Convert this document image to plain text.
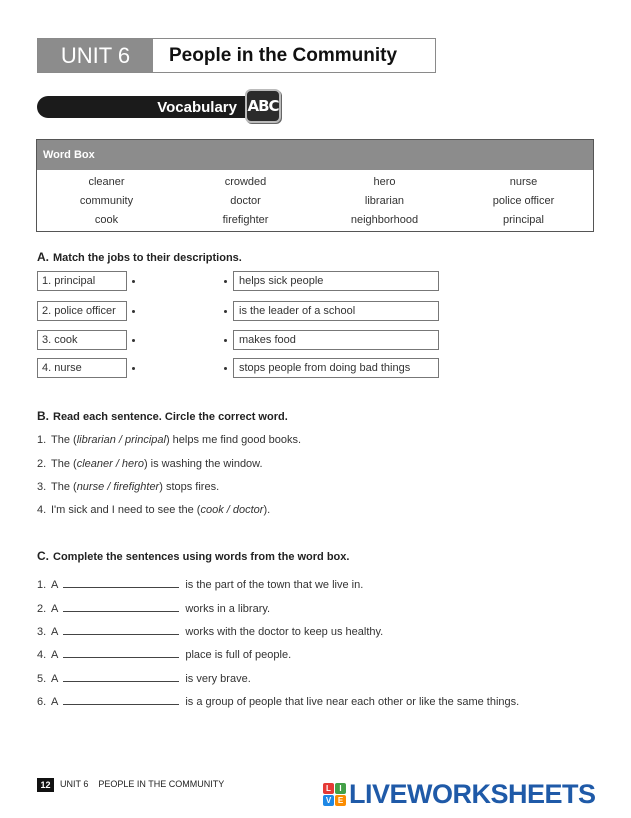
UNIT 6	People in the Community
Vocabulary ABC
Word Box
cleaner	crowded	hero	nurse
community	doctor	librarian	police officer
cook	firefighter	neighborhood	principal
A. Match the jobs to their descriptions.
1. principal
2. police officer
3. cook
4. nurse
helps sick people
is the leader of a school
makes food
stops people from doing bad things
B. Read each sentence. Circle the correct word.
1. The (librarian / principal) helps me find good books.
2. The (cleaner / hero) is washing the window.
3. The (nurse / firefighter) stops fires.
4. I'm sick and I need to see the (cook / doctor).
C. Complete the sentences using words from the word box.
1. A	is the part of the town that we live in.
2. A	works in a library.
3. A	works with the doctor to keep us healthy.
4. A	place is full of people.
5. A	is very brave.
6. A	is a group of people that live near each other or like the same things.
12	UNIT 6    PEOPLE IN THE COMMUNITY	L	I
V E LIVEWORKSHEETS
